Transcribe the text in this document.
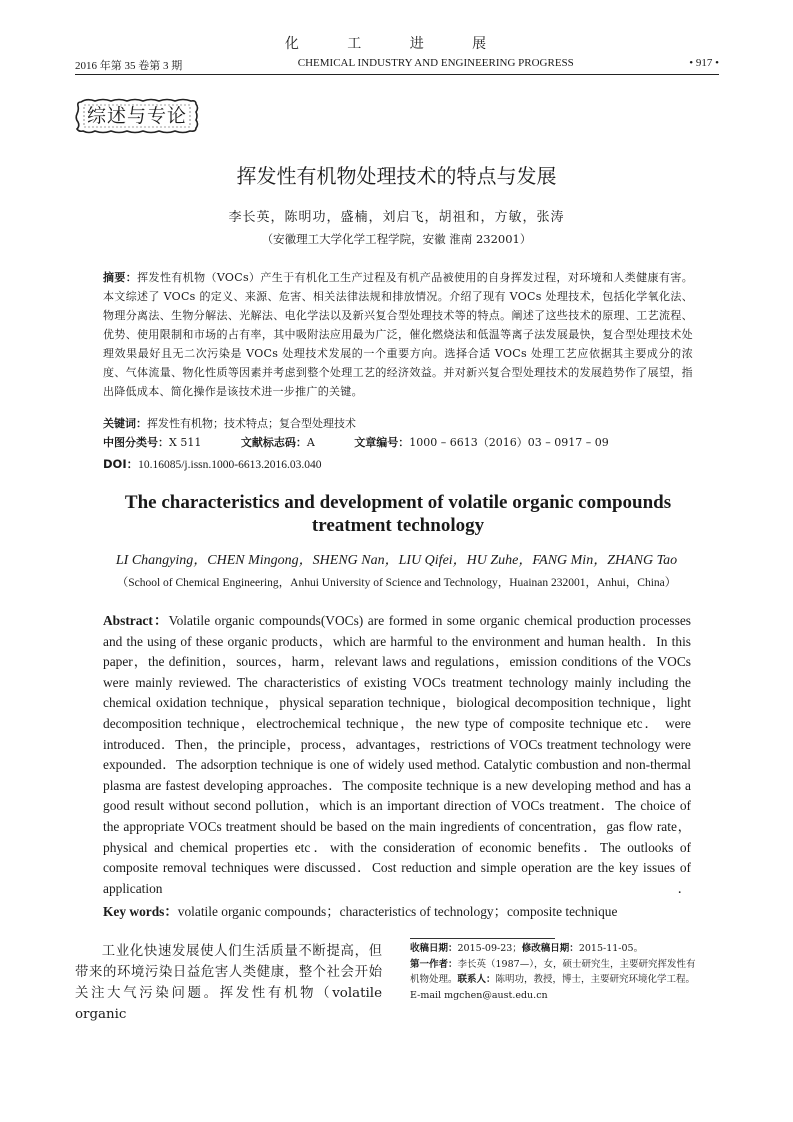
化 工 进 展
2016 年第 35 卷第 3 期	CHEMICAL INDUSTRY AND ENGINEERING PROGRESS	• 917 •
综述与专论
挥发性有机物处理技术的特点与发展
李长英，陈明功，盛楠，刘启飞，胡祖和，方敏，张涛
（安徽理工大学化学工程学院，安徽 淮南 232001）
摘要：挥发性有机物（VOCs）产生于有机化工生产过程及有机产品被使用的自身挥发过程，对环境和人类健康有害。本文综述了 VOCs 的定义、来源、危害、相关法律法规和排放情况。介绍了现有 VOCs 处理技术，包括化学氧化法、物理分离法、生物分解法、光解法、电化学法以及新兴复合型处理技术等的特点。阐述了这些技术的原理、工艺流程、优势、使用限制和市场的占有率，其中吸附法应用最为广泛，催化燃烧法和低温等离子法发展最快，复合型处理技术处理效果最好且无二次污染是 VOCs 处理技术发展的一个重要方向。选择合适 VOCs 处理工艺应依据其主要成分的浓度、气体流量、物化性质等因素并考虑到整个处理工艺的经济效益。并对新兴复合型处理技术的发展趋势作了展望，指出降低成本、简化操作是该技术进一步推广的关键。
关键词：挥发性有机物；技术特点；复合型处理技术
中图分类号：X 511	文献标志码：A	文章编号：1000 – 6613（2016）03 – 0917 – 09
DOI：10.16085/j.issn.1000-6613.2016.03.040
The characteristics and development of volatile organic compounds treatment technology
LI Changying，CHEN Mingong，SHENG Nan，LIU Qifei，HU Zuhe，FANG Min，ZHANG Tao
（School of Chemical Engineering，Anhui University of Science and Technology，Huainan 232001，Anhui，China）
Abstract：Volatile organic compounds(VOCs) are formed in some organic chemical production processes and the using of these organic products，which are harmful to the environment and human health．In this paper，the definition，sources，harm，relevant laws and regulations，emission conditions of the VOCs were mainly reviewed. The characteristics of existing VOCs treatment technology mainly including the chemical oxidation technique，physical separation technique，biological decomposition technique，light decomposition technique，electrochemical technique，the new type of composite technique etc． were introduced．Then，the principle，process，advantages，restrictions of VOCs treatment technology were expounded．The adsorption technique is one of widely used method. Catalytic combustion and non-thermal plasma are fastest developing approaches．The composite technique is a new developing method and has a good result without second pollution，which is an important direction of VOCs treatment．The choice of the appropriate VOCs treatment should be based on the main ingredients of concentration，gas flow rate，physical and chemical properties etc．with the consideration of economic benefits．The outlooks of composite removal techniques were discussed．Cost reduction and simple operation are the key issues of application．
Key words：volatile organic compounds；characteristics of technology；composite technique
工业化快速发展使人们生活质量不断提高，但带来的环境污染日益危害人类健康，整个社会开始关注大气污染问题。挥发性有机物（volatile organic
收稿日期：2015-09-23；修改稿日期：2015-11-05。
第一作者：李长英（1987—），女，硕士研究生，主要研究挥发性有
机物处理。联系人：陈明功，教授，博士，主要研究环境化学工程。
E-mail mgchen@aust.edu.cn
